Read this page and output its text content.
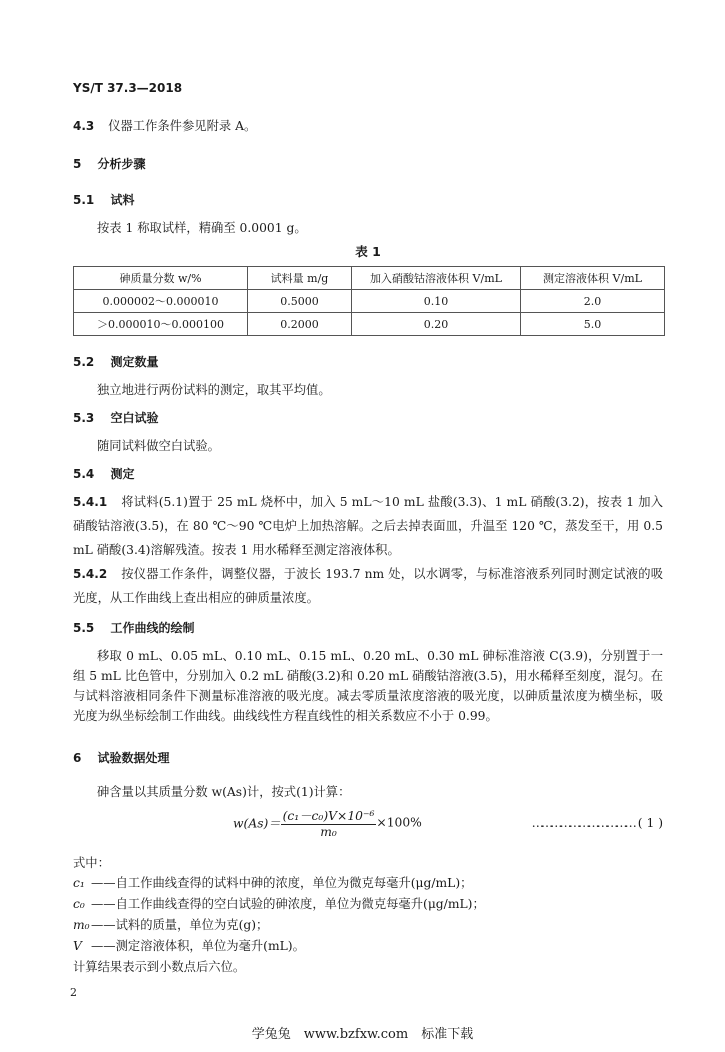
YS/T 37.3—2018
4.3 仪器工作条件参见附录 A。
5 分析步骤
5.1 试料
按表 1 称取试样，精确至 0.0001 g。
表 1
砷质量分数 w/%	试料量 m/g	加入硝酸钴溶液体积 V/mL	测定溶液体积 V/mL
0.000002～0.000010	0.5000	0.10	2.0
＞0.000010～0.000100	0.2000	0.20	5.0
5.2 测定数量
独立地进行两份试料的测定，取其平均值。
5.3 空白试验
随同试料做空白试验。
5.4 测定
5.4.1 将试料(5.1)置于 25 mL 烧杯中，加入 5 mL～10 mL 盐酸(3.3)、1 mL 硝酸(3.2)，按表 1 加入硝酸钴溶液(3.5)，在 80 ℃～90 ℃电炉上加热溶解。之后去掉表面皿，升温至 120 ℃，蒸发至干，用 0.5 mL 硝酸(3.4)溶解残渣。按表 1 用水稀释至测定溶液体积。
5.4.2 按仪器工作条件，调整仪器，于波长 193.7 nm 处，以水调零，与标准溶液系列同时测定试液的吸光度，从工作曲线上查出相应的砷质量浓度。
5.5 工作曲线的绘制
移取 0 mL、0.05 mL、0.10 mL、0.15 mL、0.20 mL、0.30 mL 砷标准溶液 C(3.9)，分别置于一组 5 mL 比色管中，分别加入 0.2 mL 硝酸(3.2)和 0.20 mL 硝酸钴溶液(3.5)，用水稀释至刻度，混匀。在与试料溶液相同条件下测量标准溶液的吸光度。减去零质量浓度溶液的吸光度，以砷质量浓度为横坐标，吸光度为纵坐标绘制工作曲线。曲线线性方程直线性的相关系数应不小于 0.99。
6 试验数据处理
砷含量以其质量分数 w(As)计，按式(1)计算：
$w(As)= \frac{\text{(c₁－c₀)V×10⁻⁶}}{\text{m₀}} \times 100\%$	…………………………… ( 1 )
式中：
c₁ ——自工作曲线查得的试料中砷的浓度，单位为微克每毫升(μg/mL)；
c₀ ——自工作曲线查得的空白试验的砷浓度，单位为微克每毫升(μg/mL)；
m₀——试料的质量，单位为克(g)；
V ——测定溶液体积，单位为毫升(mL)。
计算结果表示到小数点后六位。
2
学兔兔　www.bzfxw.com　标准下载
